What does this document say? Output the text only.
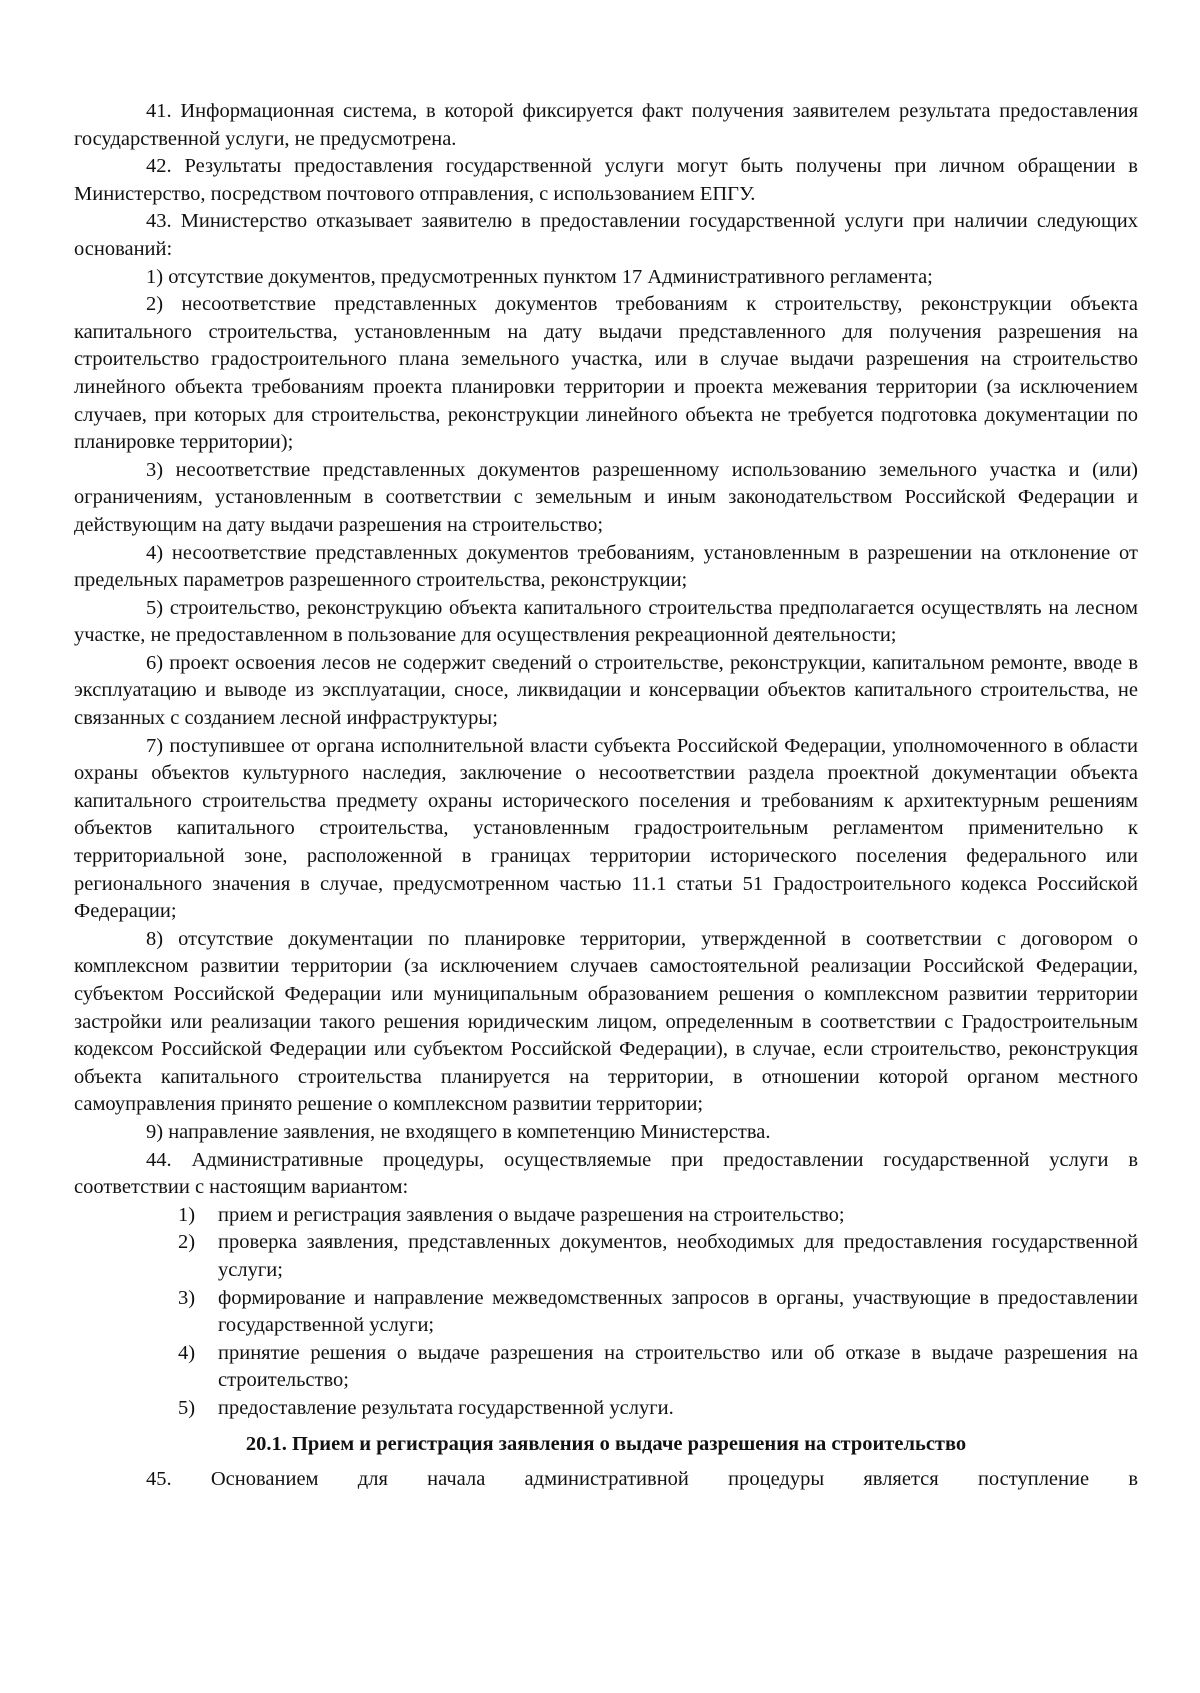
41. Информационная система, в которой фиксируется факт получения заявителем результата предоставления государственной услуги, не предусмотрена.

42. Результаты предоставления государственной услуги могут быть получены при личном обращении в Министерство, посредством почтового отправления, с использованием ЕПГУ.

43. Министерство отказывает заявителю в предоставлении государственной услуги при наличии следующих оснований:

1) отсутствие документов, предусмотренных пунктом 17 Административного регламента;

2) несоответствие представленных документов требованиям к строительству, реконструкции объекта капитального строительства, установленным на дату выдачи представленного для получения разрешения на строительство градостроительного плана земельного участка, или в случае выдачи разрешения на строительство линейного объекта требованиям проекта планировки территории и проекта межевания территории (за исключением случаев, при которых для строительства, реконструкции линейного объекта не требуется подготовка документации по планировке территории);

3) несоответствие представленных документов разрешенному использованию земельного участка и (или) ограничениям, установленным в соответствии с земельным и иным законодательством Российской Федерации и действующим на дату выдачи разрешения на строительство;

4) несоответствие представленных документов требованиям, установленным в разрешении на отклонение от предельных параметров разрешенного строительства, реконструкции;

5) строительство, реконструкцию объекта капитального строительства предполагается осуществлять на лесном участке, не предоставленном в пользование для осуществления рекреационной деятельности;

6) проект освоения лесов не содержит сведений о строительстве, реконструкции, капитальном ремонте, вводе в эксплуатацию и выводе из эксплуатации, сносе, ликвидации и консервации объектов капитального строительства, не связанных с созданием лесной инфраструктуры;

7) поступившее от органа исполнительной власти субъекта Российской Федерации, уполномоченного в области охраны объектов культурного наследия, заключение о несоответствии раздела проектной документации объекта капитального строительства предмету охраны исторического поселения и требованиям к архитектурным решениям объектов капитального строительства, установленным градостроительным регламентом применительно к территориальной зоне, расположенной в границах территории исторического поселения федерального или регионального значения в случае, предусмотренном частью 11.1 статьи 51 Градостроительного кодекса Российской Федерации;

8) отсутствие документации по планировке территории, утвержденной в соответствии с договором о комплексном развитии территории (за исключением случаев самостоятельной реализации Российской Федерации, субъектом Российской Федерации или муниципальным образованием решения о комплексном развитии территории застройки или реализации такого решения юридическим лицом, определенным в соответствии с Градостроительным кодексом Российской Федерации или субъектом Российской Федерации), в случае, если строительство, реконструкция объекта капитального строительства планируется на территории, в отношении которой органом местного самоуправления принято решение о комплексном развитии территории;

9) направление заявления, не входящего в компетенцию Министерства.

44. Административные процедуры, осуществляемые при предоставлении государственной услуги в соответствии с настоящим вариантом:

1)	прием и регистрация заявления о выдаче разрешения на строительство;
2)	проверка заявления, представленных документов, необходимых для предоставления государственной услуги;
3)	формирование и направление межведомственных запросов в органы, участвующие в предоставлении государственной услуги;
4)	принятие решения о выдаче разрешения на строительство или об отказе в выдаче разрешения на строительство;
5)	предоставление результата государственной услуги.

20.1. Прием и регистрация заявления о выдаче разрешения на строительство

45. Основанием для начала административной процедуры является поступление в
